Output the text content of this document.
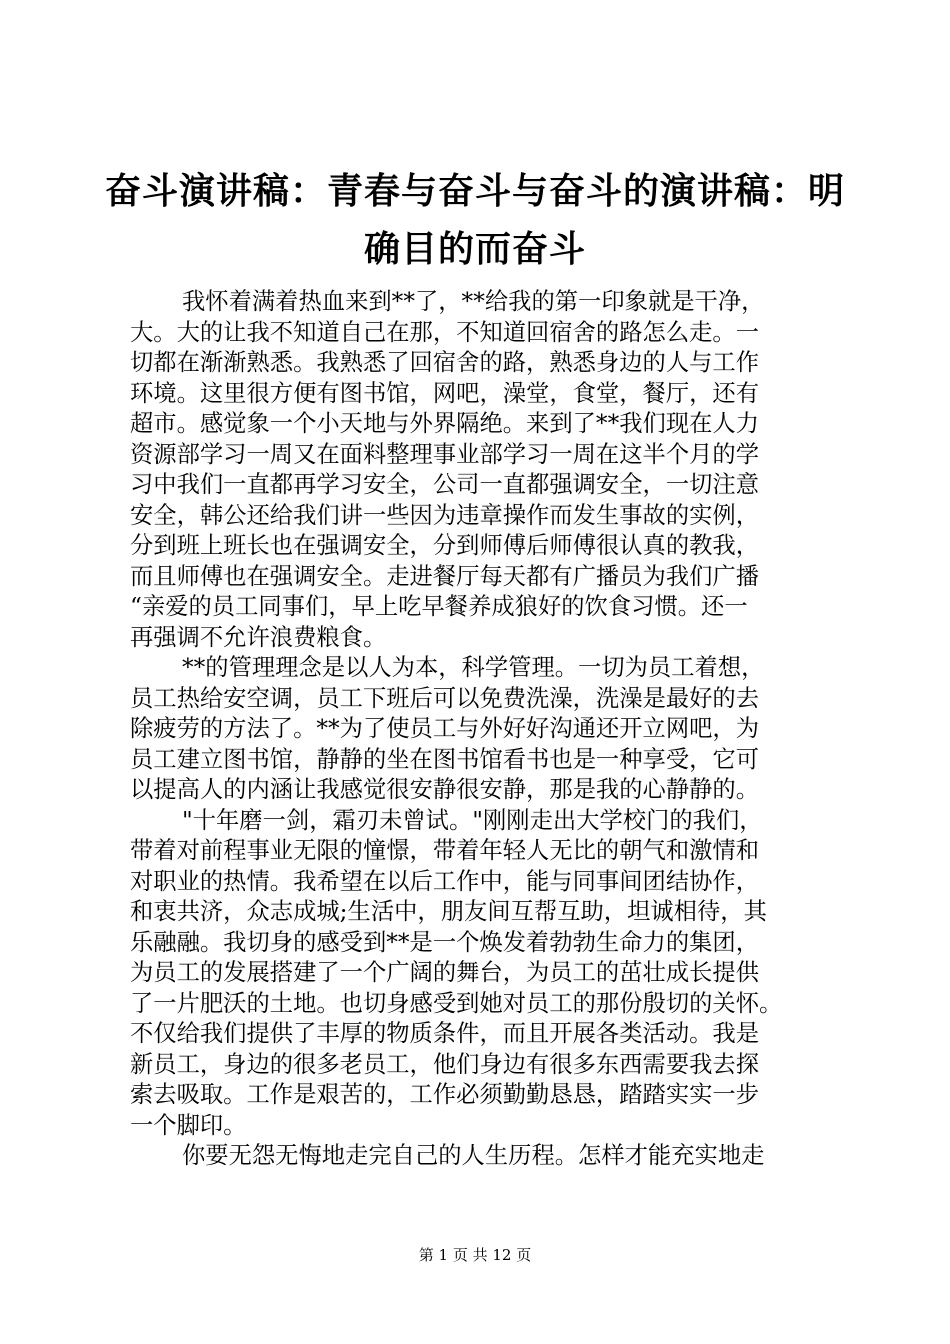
奋斗演讲稿：青春与奋斗与奋斗的演讲稿：明
确目的而奋斗
我怀着满着热血来到**了，**给我的第一印象就是干净，
大。大的让我不知道自己在那，不知道回宿舍的路怎么走。一
切都在渐渐熟悉。我熟悉了回宿舍的路，熟悉身边的人与工作
环境。这里很方便有图书馆，网吧，澡堂，食堂，餐厅，还有
超市。感觉象一个小天地与外界隔绝。来到了**我们现在人力
资源部学习一周又在面料整理事业部学习一周在这半个月的学
习中我们一直都再学习安全，公司一直都强调安全，一切注意
安全，韩公还给我们讲一些因为违章操作而发生事故的实例，
分到班上班长也在强调安全，分到师傅后师傅很认真的教我，
而且师傅也在强调安全。走进餐厅每天都有广播员为我们广播
“亲爱的员工同事们，早上吃早餐养成狼好的饮食习惯。还一
再强调不允许浪费粮食。
**的管理理念是以人为本，科学管理。一切为员工着想，
员工热给安空调，员工下班后可以免费洗澡，洗澡是最好的去
除疲劳的方法了。**为了使员工与外好好沟通还开立网吧，为
员工建立图书馆，静静的坐在图书馆看书也是一种享受，它可
以提高人的内涵让我感觉很安静很安静，那是我的心静静的。
"十年磨一剑，霜刃未曾试。"刚刚走出大学校门的我们，
带着对前程事业无限的憧憬，带着年轻人无比的朝气和激情和
对职业的热情。我希望在以后工作中，能与同事间团结协作，
和衷共济，众志成城;生活中，朋友间互帮互助，坦诚相待，其
乐融融。我切身的感受到**是一个焕发着勃勃生命力的集团，
为员工的发展搭建了一个广阔的舞台，为员工的茁壮成长提供
了一片肥沃的土地。也切身感受到她对员工的那份殷切的关怀。
不仅给我们提供了丰厚的物质条件，而且开展各类活动。我是
新员工，身边的很多老员工，他们身边有很多东西需要我去探
索去吸取。工作是艰苦的，工作必须勤勤恳恳，踏踏实实一步
一个脚印。
你要无怨无悔地走完自己的人生历程。怎样才能充实地走
第 1 页 共 12 页
